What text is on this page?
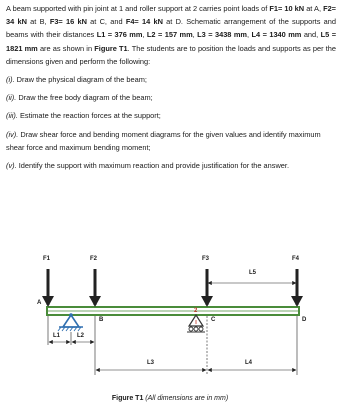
A beam supported with pin joint at 1 and roller support at 2 carries point loads of F1= 10 kN at A, F2= 34 kN at B, F3= 16 kN at C, and F4= 14 kN at D. Schematic arrangement of the supports and beams with their distances L1 = 376 mm, L2 = 157 mm, L3 = 3438 mm, L4 = 1340 mm and, L5 = 1821 mm are as shown in Figure T1. The students are to position the loads and supports as per the dimensions given and perform the following:

(i). Draw the physical diagram of the beam;

(ii). Draw the free body diagram of the beam;

(iii). Estimate the reaction forces at the support;

(iv). Draw shear force and bending moment diagrams for the given values and identify maximum shear force and maximum bending moment;

(v). Identify the support with maximum reaction and provide justification for the answer.

F1	F2	F3	F4
L5
A
B	C	D
2
L1	L2
L3	L4
Figure T1 (All dimensions are in mm)
